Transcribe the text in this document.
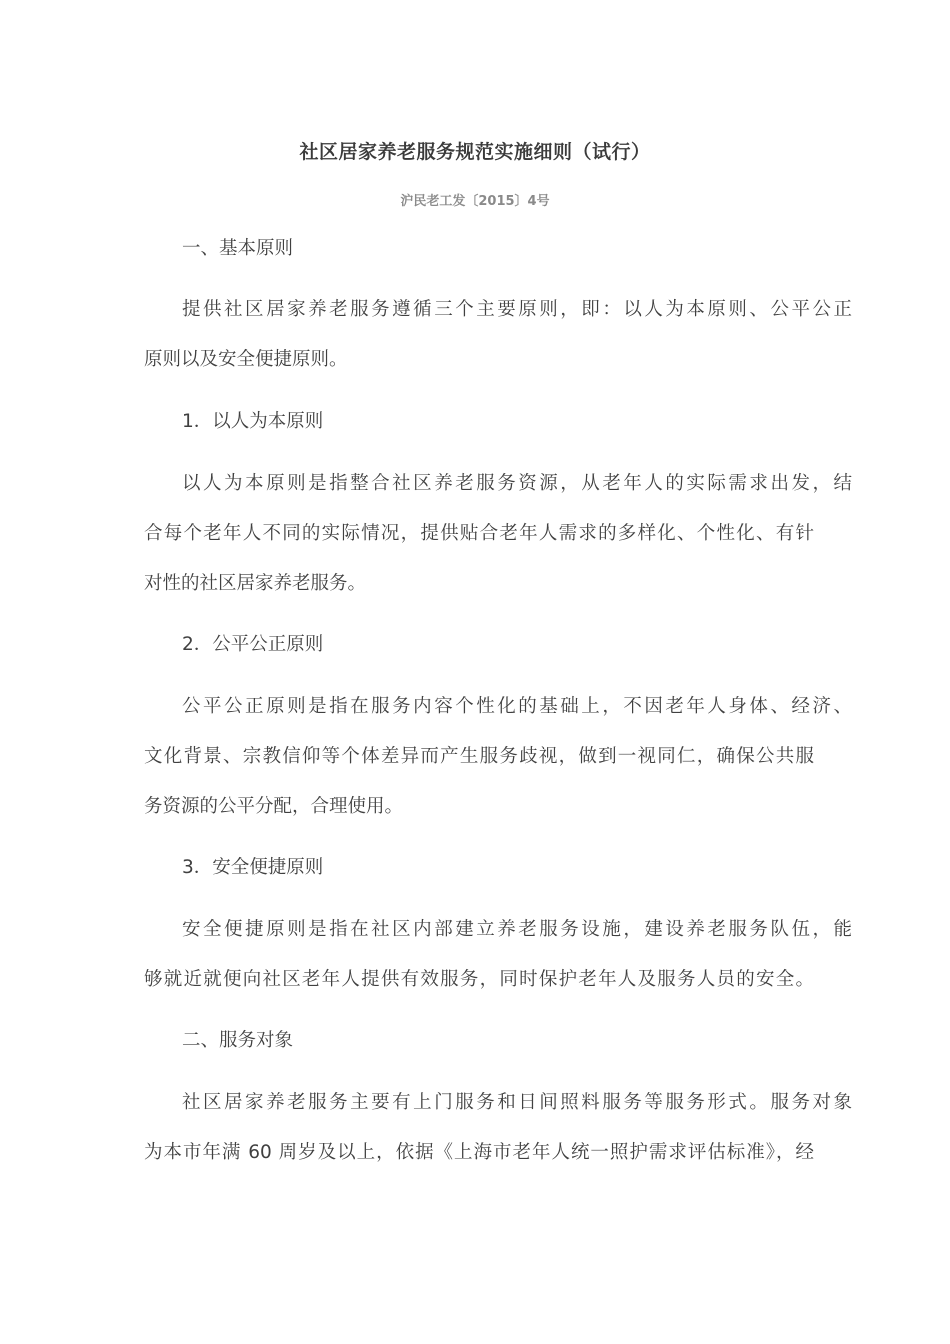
社区居家养老服务规范实施细则（试行）
沪民老工发〔2015〕4号
一、基本原则
提供社区居家养老服务遵循三个主要原则，即：以人为本原则、公平公正
原则以及安全便捷原则。
1．以人为本原则
以人为本原则是指整合社区养老服务资源，从老年人的实际需求出发，结
合每个老年人不同的实际情况，提供贴合老年人需求的多样化、个性化、有针
对性的社区居家养老服务。
2．公平公正原则
公平公正原则是指在服务内容个性化的基础上，不因老年人身体、经济、
文化背景、宗教信仰等个体差异而产生服务歧视，做到一视同仁，确保公共服
务资源的公平分配，合理使用。
3．安全便捷原则
安全便捷原则是指在社区内部建立养老服务设施，建设养老服务队伍，能
够就近就便向社区老年人提供有效服务，同时保护老年人及服务人员的安全。
二、服务对象
社区居家养老服务主要有上门服务和日间照料服务等服务形式。服务对象
为本市年满 60 周岁及以上，依据《上海市老年人统一照护需求评估标准》，经
